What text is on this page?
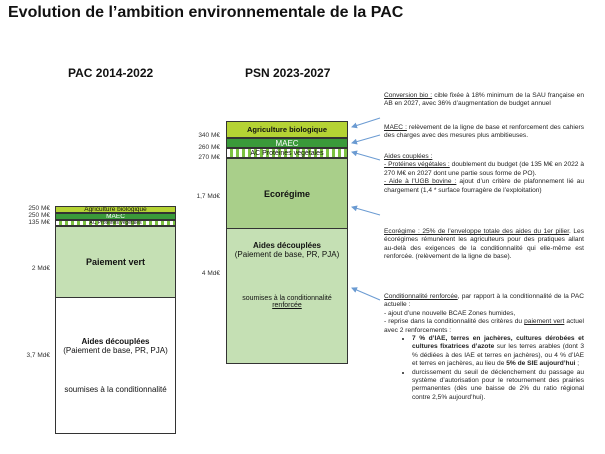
Evolution de l’ambition environnementale de la PAC
PAC 2014-2022	PSN 2023-2027
Agriculture biologique
MAEC
AC Protéines végétales
Paiement vert
Aides découplées
(Paiement de base, PR, PJA)
soumises à la conditionnalité
250 M€
250 M€
135 M€
2 Md€
3,7 Md€
Agriculture biologique
MAEC
AC Protéines végétales
Ecorégime
Aides découplées
(Paiement de base, PR, PJA)
soumises à la conditionnalité
renforcée
340 M€
260 M€
270 M€
1,7 Md€
4 Md€
Conversion bio : cible fixée à 18% minimum de la SAU française en AB en 2027, avec 36% d’augmentation de budget annuel
MAEC : relèvement de la ligne de base et renforcement des cahiers des charges avec des mesures plus ambitieuses.
Aides couplées :
- Protéines végétales : doublement du budget (de 135 M€ en 2022 à 270 M€ en 2027 dont une partie sous forme de PO).
- Aide à l’UGB bovine : ajout d’un critère de plafonnement lié au chargement (1,4 * surface fourragère de l’exploitation)
Ecorégime : 25% de l’enveloppe totale des aides du 1er pilier. Les écorégimes rémunèrent les agriculteurs pour des pratiques allant au-delà des exigences de la conditionnalité qui elle-même est renforcée. (relèvement de la ligne de base).
Conditionnalité renforcée, par rapport à la conditionnalité de la PAC actuelle :
- ajout d’une nouvelle BCAE Zones humides,
- reprise dans la conditionnalité des critères du paiement vert actuel avec 2 renforcements :
• 7 % d’IAE, terres en jachères, cultures dérobées et cultures fixatrices d’azote sur les terres arables (dont 3 % dédiées à des IAE et terres en jachères), ou 4 % d’IAE et terres en jachères, au lieu de 5% de SIE aujourd’hui ;
• durcissement du seuil de déclenchement du passage au système d’autorisation pour le retournement des prairies permanentes (dès une baisse de 2% du ratio régional contre 2,5% aujourd’hui).
